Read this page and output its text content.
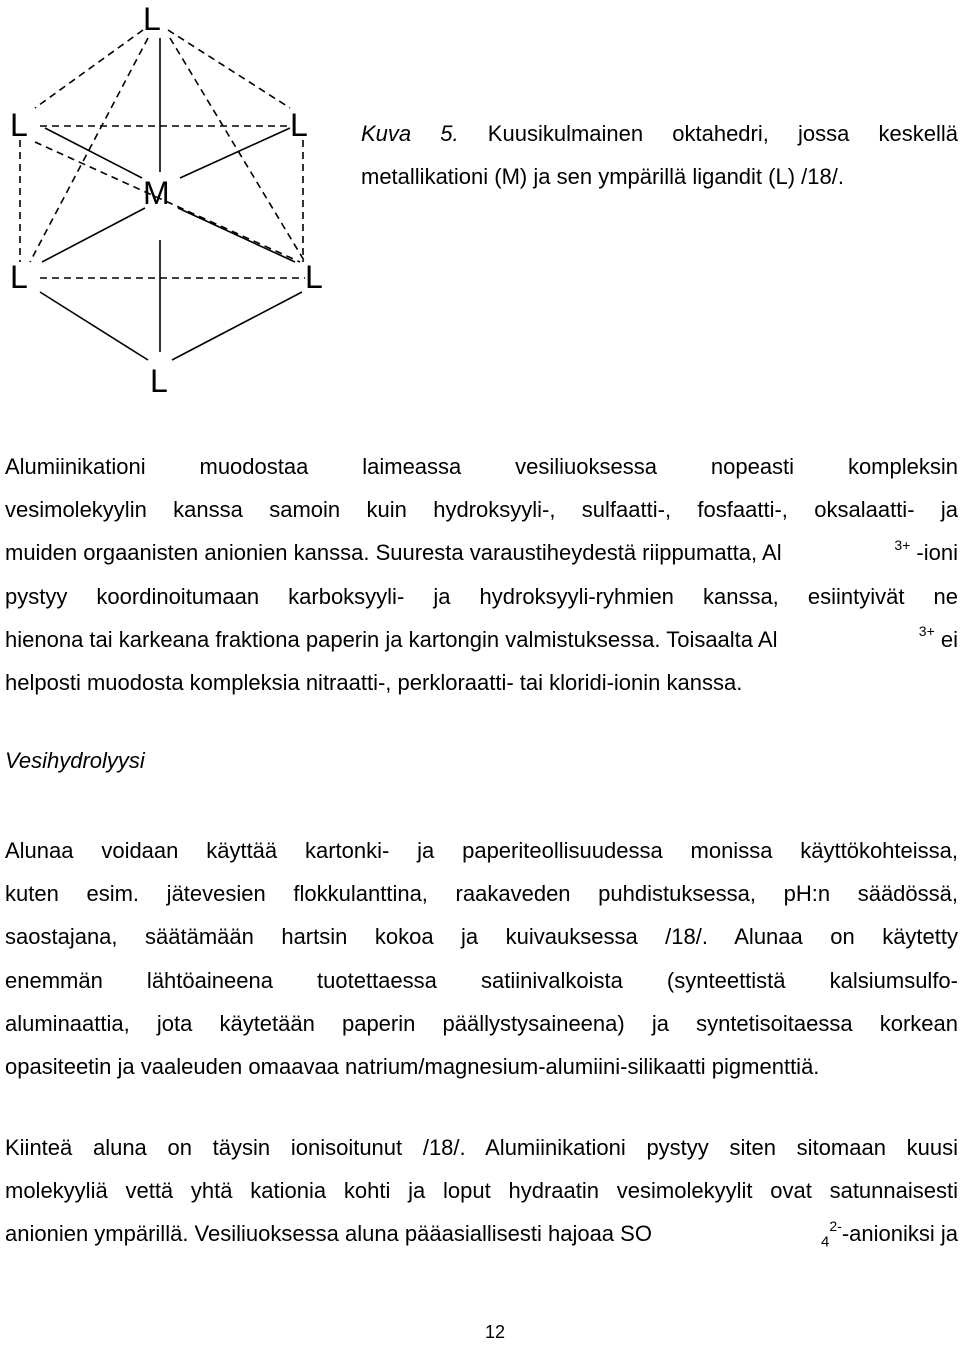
L
L	L
M
L	L
L
Kuva 5. Kuusikulmainen oktahedri, jossa keskellä
metallikationi (M) ja sen ympärillä ligandit (L) /18/.

Alumiinikationi muodostaa laimeassa vesiliuoksessa nopeasti kompleksin
vesimolekyylin kanssa samoin kuin hydroksyyli-, sulfaatti-, fosfaatti-, oksalaatti- ja
muiden orgaanisten anionien kanssa. Suuresta varaustiheydestä riippumatta, Al	$^{3+}$ -ioni
pystyy koordinoitumaan karboksyyli- ja hydroksyyli-ryhmien kanssa, esiintyivät ne
hienona tai karkeana fraktiona paperin ja kartongin valmistuksessa. Toisaalta Al	$^{3+}$ ei
helposti muodosta kompleksia nitraatti-, perkloraatti- tai kloridi-ionin kanssa.

Vesihydrolyysi

Alunaa voidaan käyttää kartonki- ja paperiteollisuudessa monissa käyttökohteissa,
kuten esim. jätevesien flokkulanttina, raakaveden puhdistuksessa, pH:n säädössä,
saostajana, säätämään hartsin kokoa ja kuivauksessa /18/. Alunaa on käytetty
enemmän lähtöaineena tuotettaessa satiinivalkoista (synteettistä kalsiumsulfo-
aluminaattia, jota käytetään paperin päällystysaineena) ja syntetisoitaessa korkean
opasiteetin ja vaaleuden omaavaa natrium/magnesium-alumiini-silikaatti pigmenttiä.

Kiinteä aluna on täysin ionisoitunut /18/. Alumiinikationi pystyy siten sitomaan kuusi
molekyyliä vettä yhtä kationia kohti ja loput hydraatin vesimolekyylit ovat satunnaisesti
anionien ympärillä. Vesiliuoksessa aluna pääasiallisesti hajoaa SO	$_4^{2-}$-anioniksi ja

12
